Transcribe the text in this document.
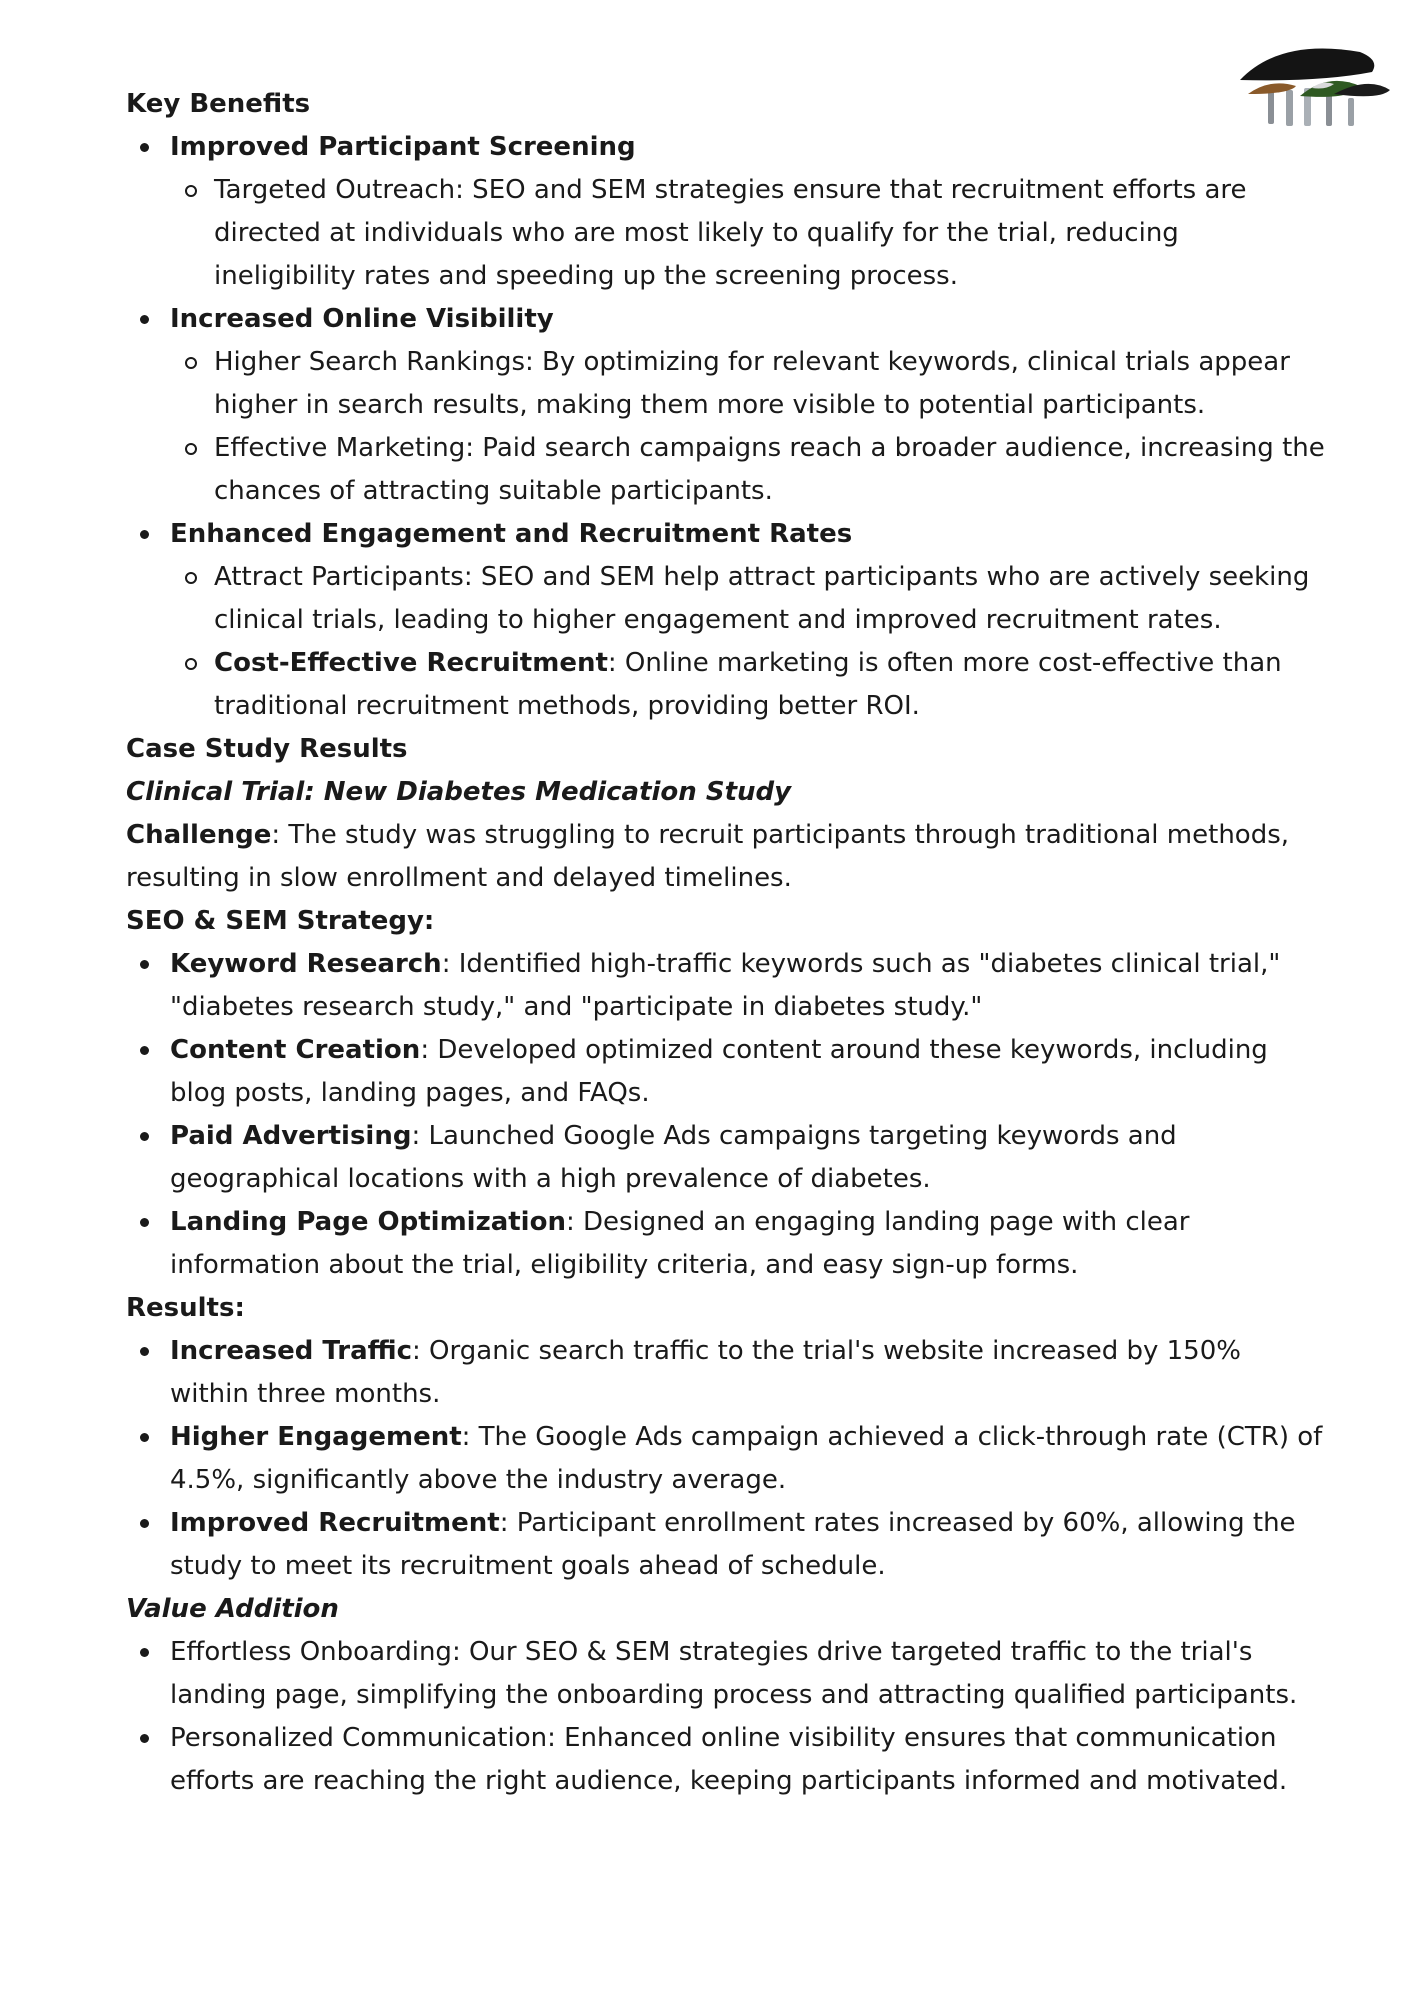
Key Benefits
Improved Participant Screening
Targeted Outreach: SEO and SEM strategies ensure that recruitment efforts are directed at individuals who are most likely to qualify for the trial, reducing ineligibility rates and speeding up the screening process.
Increased Online Visibility
Higher Search Rankings: By optimizing for relevant keywords, clinical trials appear higher in search results, making them more visible to potential participants.
Effective Marketing: Paid search campaigns reach a broader audience, increasing the chances of attracting suitable participants.
Enhanced Engagement and Recruitment Rates
Attract Participants: SEO and SEM help attract participants who are actively seeking clinical trials, leading to higher engagement and improved recruitment rates.
Cost-Effective Recruitment: Online marketing is often more cost-effective than traditional recruitment methods, providing better ROI.
Case Study Results
Clinical Trial: New Diabetes Medication Study

Challenge: The study was struggling to recruit participants through traditional methods, resulting in slow enrollment and delayed timelines.

SEO & SEM Strategy:
Keyword Research: Identified high-traffic keywords such as "diabetes clinical trial," "diabetes research study," and "participate in diabetes study."
Content Creation: Developed optimized content around these keywords, including blog posts, landing pages, and FAQs.
Paid Advertising: Launched Google Ads campaigns targeting keywords and geographical locations with a high prevalence of diabetes.
Landing Page Optimization: Designed an engaging landing page with clear information about the trial, eligibility criteria, and easy sign-up forms.
Results:
Increased Traffic: Organic search traffic to the trial's website increased by 150% within three months.
Higher Engagement: The Google Ads campaign achieved a click-through rate (CTR) of 4.5%, significantly above the industry average.
Improved Recruitment: Participant enrollment rates increased by 60%, allowing the study to meet its recruitment goals ahead of schedule.
Value Addition
Effortless Onboarding: Our SEO & SEM strategies drive targeted traffic to the trial's landing page, simplifying the onboarding process and attracting qualified participants.
Personalized Communication: Enhanced online visibility ensures that communication efforts are reaching the right audience, keeping participants informed and motivated.
